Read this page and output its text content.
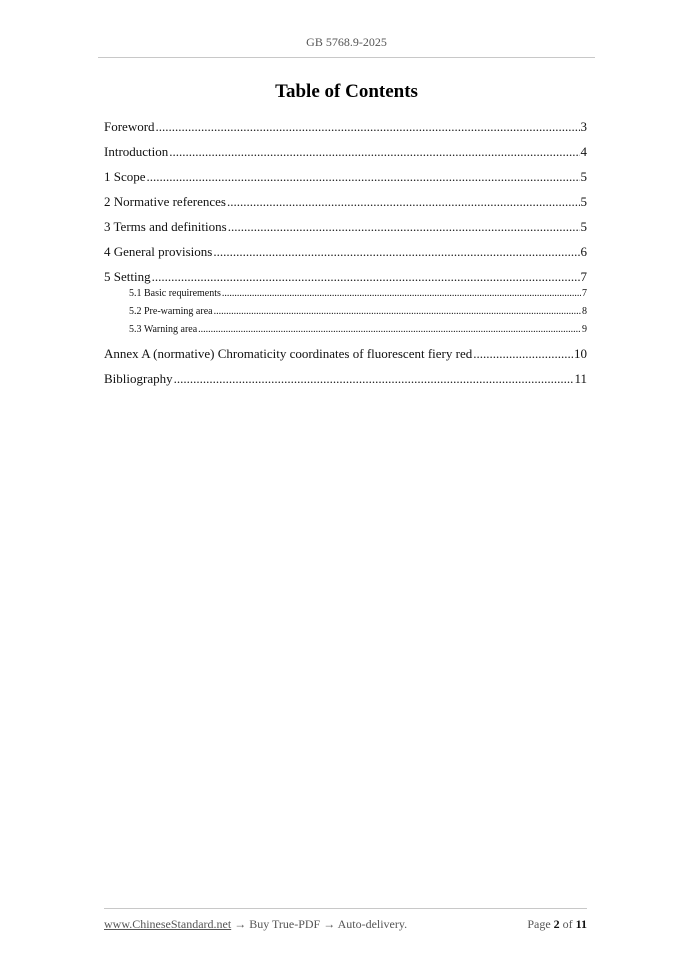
GB 5768.9-2025
Table of Contents
Foreword .....	3
Introduction .....	4
1 Scope .....	5
2 Normative references .....	5
3 Terms and definitions .....	5
4 General provisions .....	6
5 Setting .....	7
5.1 Basic requirements .....	7
5.2 Pre-warning area .....	8
5.3 Warning area .....	9
Annex A (normative) Chromaticity coordinates of fluorescent fiery red .....	10
Bibliography .....	11
www.ChineseStandard.net → Buy True-PDF → Auto-delivery.	Page 2 of 11
